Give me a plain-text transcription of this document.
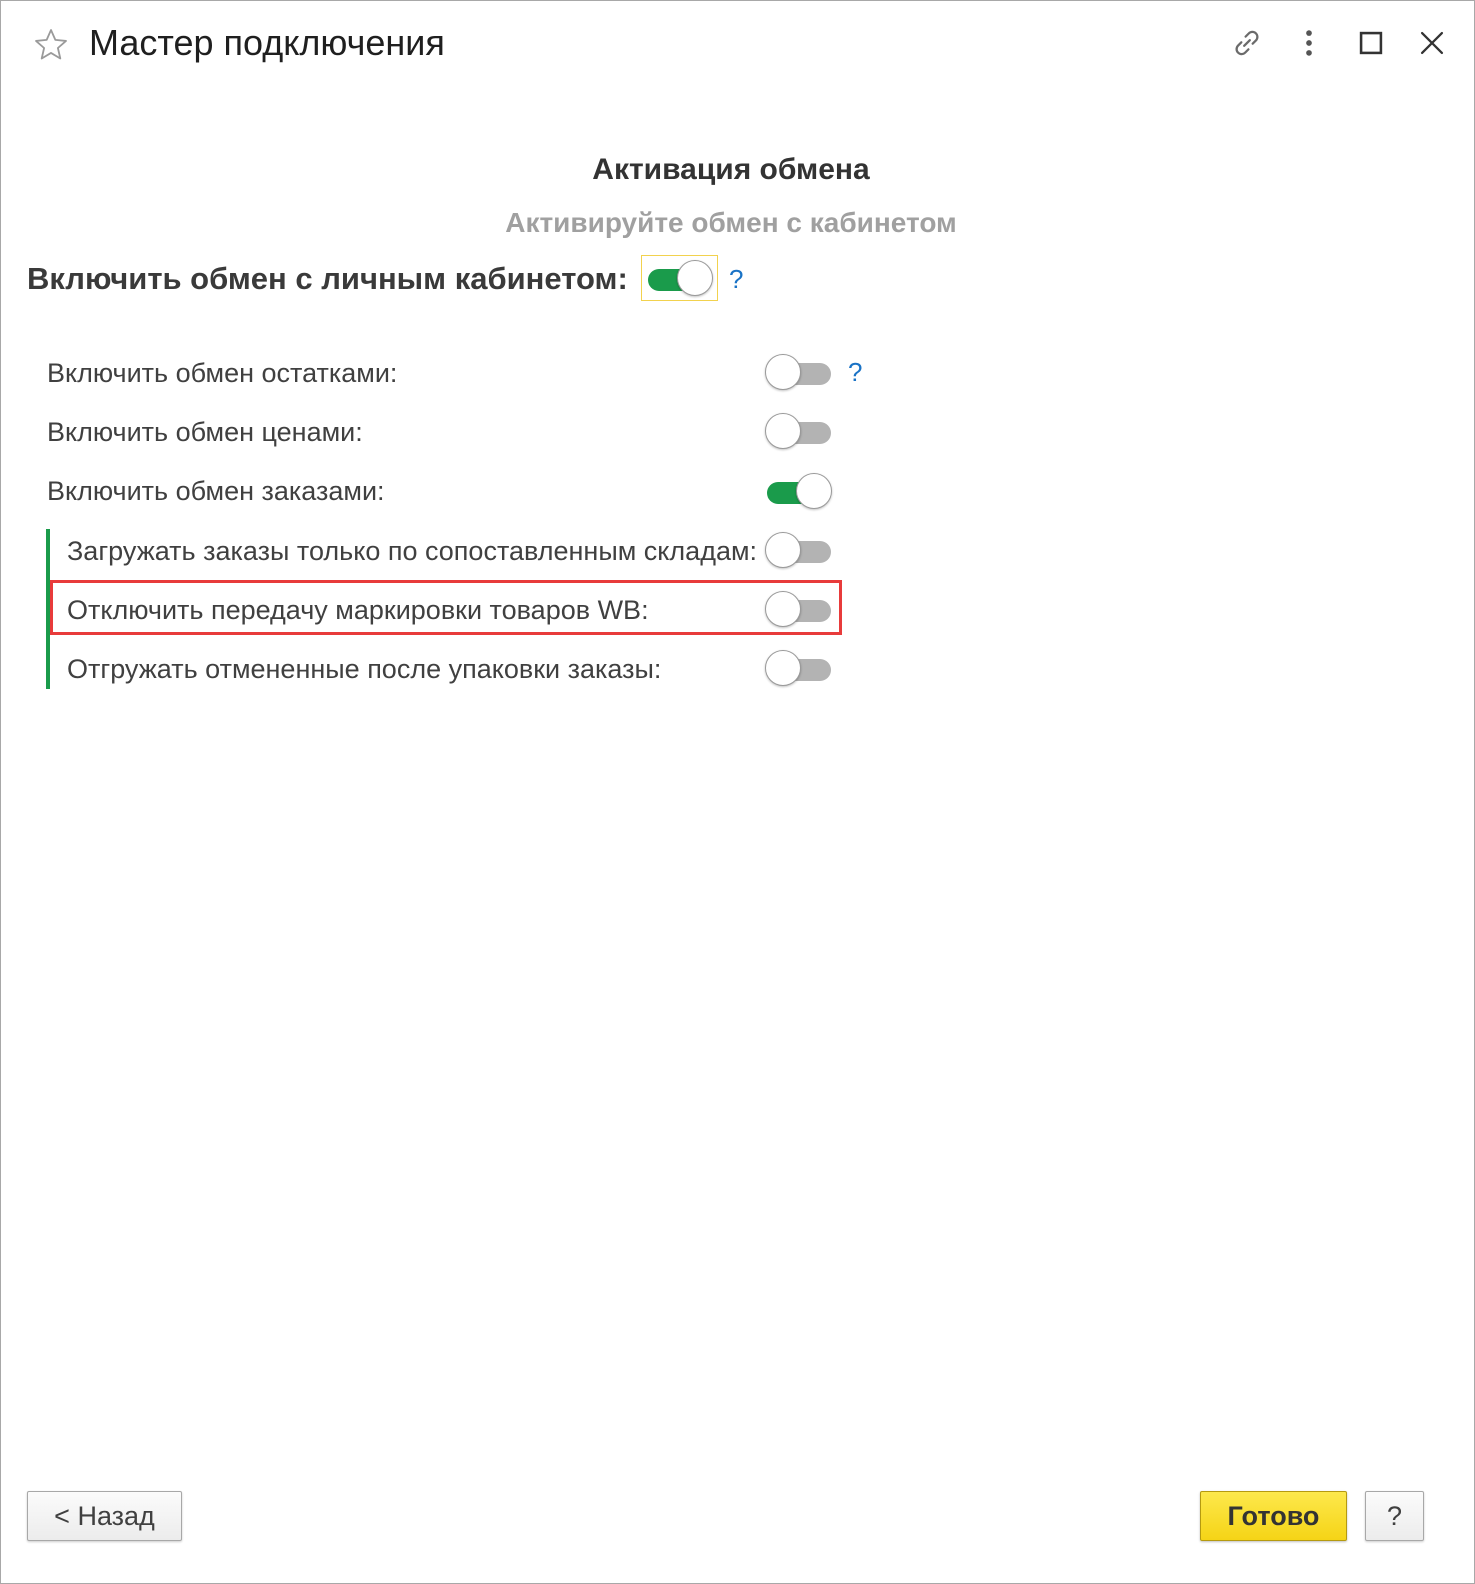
Мастер подключения
Активация обмена
Активируйте обмен с кабинетом
Включить обмен с личным кабинетом:	?
Включить обмен остатками:	?
Включить обмен ценами:
Включить обмен заказами:
Загружать заказы только по сопоставленным складам:
Отключить передачу маркировки товаров WB:
Отгружать отмененные после упаковки заказы:
< Назад	Готово	?
